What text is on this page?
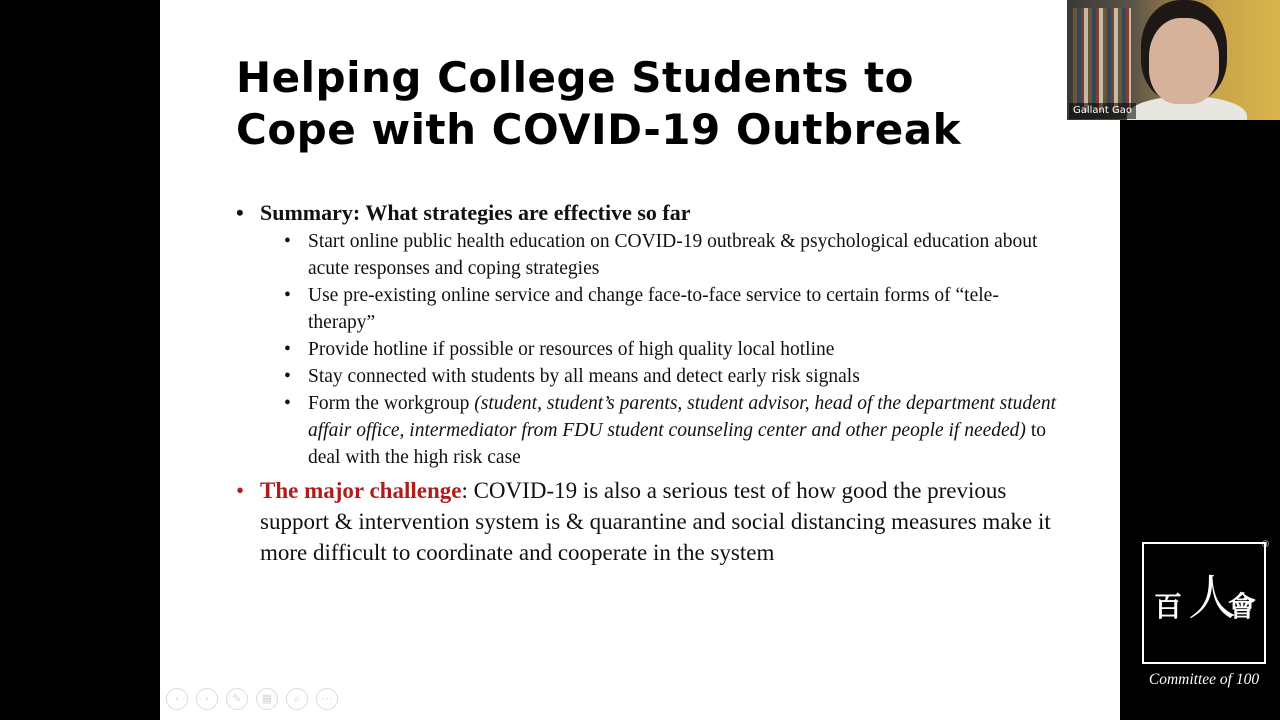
Helping College Students to
Cope with COVID-19 Outbreak
• Summary: What strategies are effective so far
• Start online public health education on COVID-19 outbreak & psychological education about acute responses and coping strategies
• Use pre-existing online service and change face-to-face service to certain forms of “tele-therapy”
• Provide hotline if possible or resources of high quality local hotline
• Stay connected with students by all means and detect early risk signals
• Form the workgroup (student, student’s parents, student advisor, head of the department student affair office, intermediator from FDU student counseling center and other people if needed) to deal with the high risk case
• The major challenge: COVID-19 is also a serious test of how good the previous support & intervention system is & quarantine and social distancing measures make it more difficult to coordinate and cooperate in the system
Gallant Gao
®
百 人
會
Committee of 100
‹	›	✎	▦	⌕	⋯
